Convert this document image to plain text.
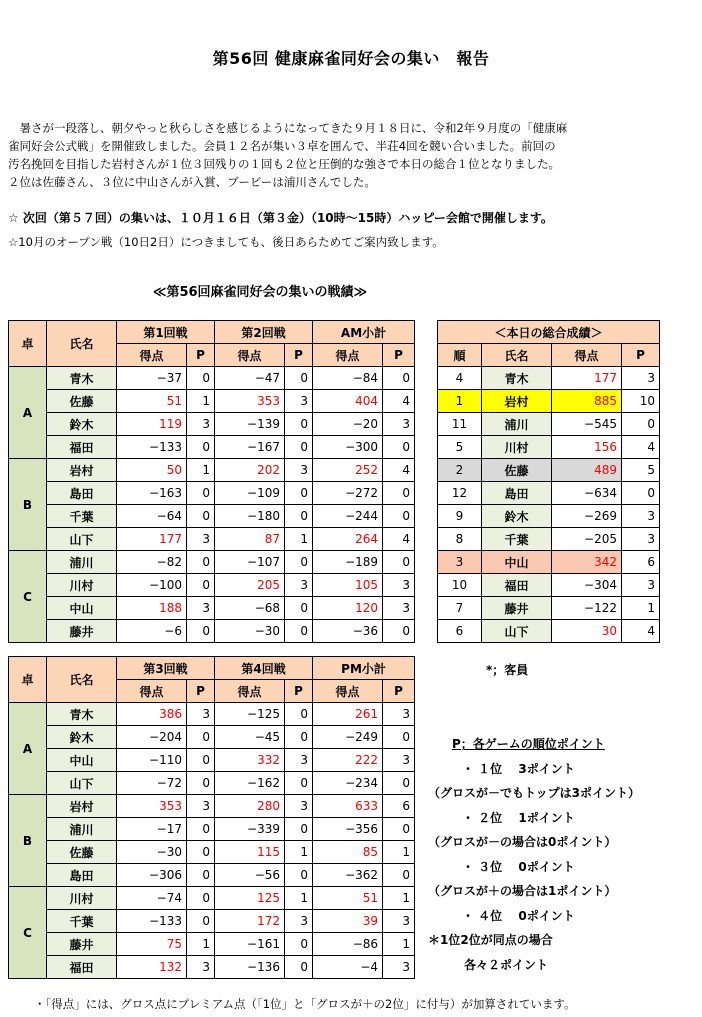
第56回 健康麻雀同好会の集い　報告

　暑さが一段落し、朝夕やっと秋らしさを感じるようになってきた９月１８日に、令和2年９月度の「健康麻

雀同好会公式戦」を開催致しました。会員１２名が集い３卓を囲んで、半荘4回を競い合いました。前回の

汚名挽回を目指した岩村さんが１位３回残りの１回も２位と圧倒的な強さで本日の総合１位となりました。

２位は佐藤さん、３位に中山さんが入賞、ブービーは浦川さんでした。

☆ 次回（第５７回）の集いは、１０月１６日（第３金）（10時～15時）ハッピー会館で開催します。
☆10月のオープン戦（10日2日）につきましても、後日あらためてご案内致します。
≪第56回麻雀同好会の集いの戦績≫
卓	氏名	第1回戦		第2回戦		AM小計	
		得点	P	得点	P	得点	P
A	青木	−37	0	−47	0	−84	0
	佐藤	51	1	353	3	404	4
	鈴木	119	3	−139	0	−20	3
	福田	−133	0	−167	0	−300	0
B	岩村	50	1	202	3	252	4
	島田	−163	0	−109	0	−272	0
	千葉	−64	0	−180	0	−244	0
	山下	177	3	87	1	264	4
C	浦川	−82	0	−107	0	−189	0
	川村	−100	0	205	3	105	3
	中山	188	3	−68	0	120	3
	藤井	−6	0	−30	0	−36	0
卓	氏名	第3回戦		第4回戦		PM小計	
		得点	P	得点	P	得点	P
A	青木	386	3	−125	0	261	3
	鈴木	−204	0	−45	0	−249	0
	中山	−110	0	332	3	222	3
	山下	−72	0	−162	0	−234	0
B	岩村	353	3	280	3	633	6
	浦川	−17	0	−339	0	−356	0
	佐藤	−30	0	115	1	85	1
	島田	−306	0	−56	0	−362	0
C	川村	−74	0	125	1	51	1
	千葉	−133	0	172	3	39	3
	藤井	75	1	−161	0	−86	1
	福田	132	3	−136	0	−4	3
＜本日の総合成績＞			
順	氏名	得点	P
4	青木	177	3
1	岩村	885	10
11	浦川	−545	0
5	川村	156	4
2	佐藤	489	5
12	島田	−634	0
9	鈴木	−269	3
8	千葉	−205	3
3	中山	342	6
10	福田	−304	3
7	藤井	−122	1
6	山下	30	4
*；客員
P；各ゲームの順位ポイント
・ １位　 3ポイント
（グロスが－でもトップは3ポイント）
・ ２位　 1ポイント
（グロスが－の場合は0ポイント）
・ ３位　 0ポイント
（グロスが＋の場合は1ポイント）
・ ４位　 0ポイント
＊1位2位が同点の場合
各々２ポイント
・「得点」には、グロス点にプレミアム点（「1位」と「グロスが＋の2位」に付与）が加算されています。
